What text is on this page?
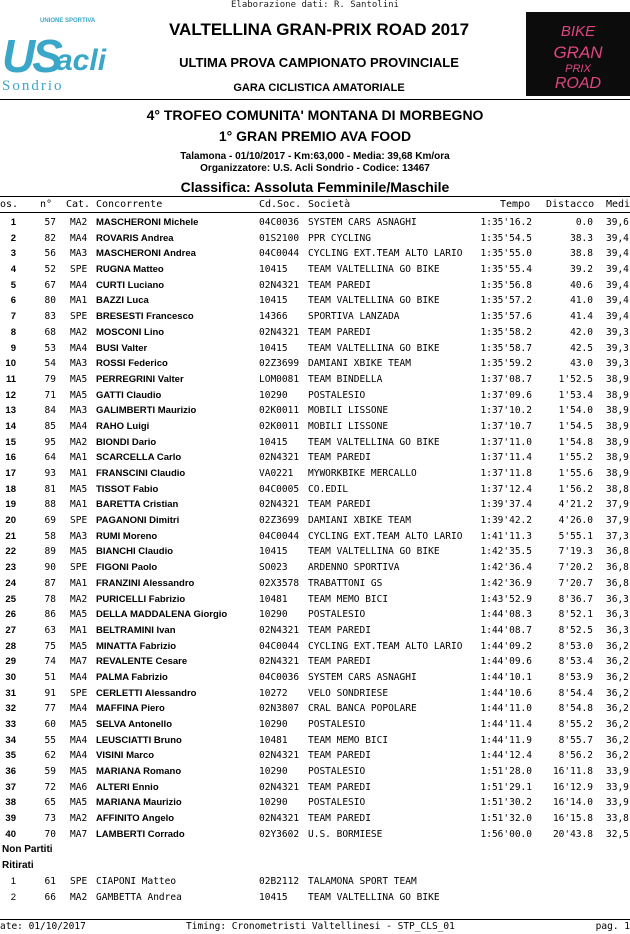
Elaborazione dati: R. Santolini
UNIONE SPORTIVA
US
acli
Sondrio
VALTELLINA GRAN-PRIX ROAD 2017
ULTIMA PROVA CAMPIONATO PROVINCIALE
GARA CICLISTICA AMATORIALE
BIKE
GRAN
PRIX
ROAD
4° TROFEO COMUNITA' MONTANA DI MORBEGNO
1° GRAN PREMIO AVA FOOD
Talamona - 01/10/2017 - Km:63,000 - Media: 39,68 Km/ora
Organizzatore: U.S. Acli Sondrio - Codice: 13467
Classifica: Assoluta Femminile/Maschile
os. n° Cat. Concorrente	Cd.Soc. Società	Tempo Distacco Medi
1	57 MA2 MASCHERONI Michele	04C0036 SYSTEM CARS ASNAGHI	1:35'16.2	0.0 39,6
2	82 MA4 ROVARIS Andrea	01S2100 PPR CYCLING	1:35'54.5	38.3 39,4
3	56 MA3 MASCHERONI Andrea	04C0044 CYCLING EXT.TEAM ALTO LARIO	1:35'55.0	38.8 39,4
4	52 SPE RUGNA Matteo	10415 TEAM VALTELLINA GO BIKE	1:35'55.4	39.2 39,4
5	67 MA4 CURTI Luciano	02N4321 TEAM PAREDI	1:35'56.8	40.6 39,4
6	80 MA1 BAZZI Luca	10415 TEAM VALTELLINA GO BIKE	1:35'57.2	41.0 39,4
7	83 SPE BRESESTI Francesco	14366 SPORTIVA LANZADA	1:35'57.6	41.4 39,4
8	68 MA2 MOSCONI Lino	02N4321 TEAM PAREDI	1:35'58.2	42.0 39,3
9	53 MA4 BUSI Valter	10415 TEAM VALTELLINA GO BIKE	1:35'58.7	42.5 39,3
10	54 MA3 ROSSI Federico	02Z3699 DAMIANI XBIKE TEAM	1:35'59.2	43.0 39,3
11	79 MA5 PERREGRINI Valter	LOM0081 TEAM BINDELLA	1:37'08.7	1'52.5 38,9
12	71 MA5 GATTI Claudio	10290 POSTALESIO	1:37'09.6	1'53.4 38,9
13	84 MA3 GALIMBERTI Maurizio	02K0011 MOBILI LISSONE	1:37'10.2	1'54.0 38,9
14	85 MA4 RAHO Luigi	02K0011 MOBILI LISSONE	1:37'10.7	1'54.5 38,9
15	95 MA2 BIONDI Dario	10415 TEAM VALTELLINA GO BIKE	1:37'11.0	1'54.8 38,9
16	64 MA1 SCARCELLA Carlo	02N4321 TEAM PAREDI	1:37'11.4	1'55.2 38,9
17	93 MA1 FRANSCINI Claudio	VA0221 MYWORKBIKE MERCALLO	1:37'11.8	1'55.6 38,9
18	81 MA5 TISSOT Fabio	04C0005 CO.EDIL	1:37'12.4	1'56.2 38,8
19	88 MA1 BARETTA Cristian	02N4321 TEAM PAREDI	1:39'37.4	4'21.2 37,9
20	69 SPE PAGANONI Dimitri	02Z3699 DAMIANI XBIKE TEAM	1:39'42.2	4'26.0 37,9
21	58 MA3 RUMI Moreno	04C0044 CYCLING EXT.TEAM ALTO LARIO	1:41'11.3	5'55.1 37,3
22	89 MA5 BIANCHI Claudio	10415 TEAM VALTELLINA GO BIKE	1:42'35.5	7'19.3 36,8
23	90 SPE FIGONI Paolo	SO023 ARDENNO SPORTIVA	1:42'36.4	7'20.2 36,8
24	87 MA1 FRANZINI Alessandro	02X3578 TRABATTONI GS	1:42'36.9	7'20.7 36,8
25	78 MA2 PURICELLI Fabrizio	10481 TEAM MEMO BICI	1:43'52.9	8'36.7 36,3
26	86 MA5 DELLA MADDALENA Giorgio	10290 POSTALESIO	1:44'08.3	8'52.1 36,3
27	63 MA1 BELTRAMINI Ivan	02N4321 TEAM PAREDI	1:44'08.7	8'52.5 36,3
28	75 MA5 MINATTA Fabrizio	04C0044 CYCLING EXT.TEAM ALTO LARIO	1:44'09.2	8'53.0 36,2
29	74 MA7 REVALENTE Cesare	02N4321 TEAM PAREDI	1:44'09.6	8'53.4 36,2
30	51 MA4 PALMA Fabrizio	04C0036 SYSTEM CARS ASNAGHI	1:44'10.1	8'53.9 36,2
31	91 SPE CERLETTI Alessandro	10272 VELO SONDRIESE	1:44'10.6	8'54.4 36,2
32	77 MA4 MAFFINA Piero	02N3807 CRAL BANCA POPOLARE	1:44'11.0	8'54.8 36,2
33	60 MA5 SELVA Antonello	10290 POSTALESIO	1:44'11.4	8'55.2 36,2
34	55 MA4 LEUSCIATTI Bruno	10481 TEAM MEMO BICI	1:44'11.9	8'55.7 36,2
35	62 MA4 VISINI Marco	02N4321 TEAM PAREDI	1:44'12.4	8'56.2 36,2
36	59 MA5 MARIANA Romano	10290 POSTALESIO	1:51'28.0	16'11.8 33,9
37	72 MA6 ALTERI Ennio	02N4321 TEAM PAREDI	1:51'29.1	16'12.9 33,9
38	65 MA5 MARIANA Maurizio	10290 POSTALESIO	1:51'30.2	16'14.0 33,9
39	73 MA2 AFFINITO Angelo	02N4321 TEAM PAREDI	1:51'32.0	16'15.8 33,8
40	70 MA7 LAMBERTI Corrado	02Y3602 U.S. BORMIESE	1:56'00.0	20'43.8 32,5
Non Partiti
Ritirati
1	61 SPE CIAPONI Matteo	02B2112 TALAMONA SPORT TEAM
2	66 MA2 GAMBETTA Andrea	10415 TEAM VALTELLINA GO BIKE
ate: 01/10/2017	Timing: Cronometristi Valtellinesi - STP_CLS_01	pag. 1
